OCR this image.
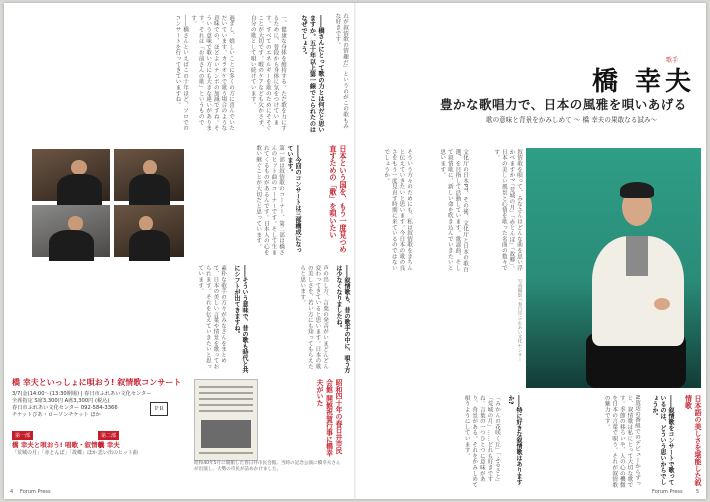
れが叙情歌の情趣だ」というのがこの歌もみな好きです。
――橋さんにとって歌の力とは何だと思いますか。五十年以上第一線でこられたのはなぜでしょう。
一、健康な身体を維持する。ただ歌を力にするために、普段から身体に気をつけています。すべてのエネルギーを歌のためにそそぐことが大切です。喉のケアなども欠かさず、自分の歌として唄い続けています。
過ぎし、嬉しいことに多くの方に喜んでいただいています。カラオケで歌う場合のような意味での、ほどよいテンポの加減ですね。そういう意味で歌い方にも大きな違いがあります。それは「お前さんの歌」というものです。
――橋さんといえばこの十年ほど、ソロでのコンサートを行ってきていますね。
日本という国を、もう一度見つめ直すための「歌」を唄いたい
――今回のコンサートは三部構成になっています。
第一部は叙情歌のコーナー、第二部は橋さんのヒット曲のコーナーです。そして生まれてくるものがあるんです。日本人の心を歌い継ぐことが大切だと思っています。
――叙情歌も、昔の歌手の中に、唄う方は少なくなりましたね。
声の出し方、言葉の発音がいまどんどん変わってきていると思います。日本の歌の美しさを、若い方にも知ってもらえたらと思います。
――そういう意味で、昔の歌も時代と共にシフトが出てきますね。
素朴な歌手の方々がみなさんをまとめて、日本の美しい言葉や情景を歌っておられます。それを伝えていきたいと思っています。
橋 幸夫といっしょに唄おう! 叙情歌コンサート
3/7(金)14:00～(13:30開場) | 春日市ふれあい文化センター
全席指定 S席3,300円 A席3,300円 (税込)
春日市ふれあい文化センター 092-584-3366
チケットぴあ・ローソンチケット ほか
第一部
橋 幸夫と唄おう! 唱歌・叙情歌
「荒城の月」「赤とんぼ」「故郷」ほか
第二部
橋 幸夫
思い出のヒット曲
ＰＲ	昭和四十年の春日井市民会館 開館祝賀行事に橋幸夫がいた
昭和40年5月に開館した春日井市民会館。当時の記念公演に橋幸夫さんが出演し、大勢の市民が詰めかけました。
4 Forum Press
歌手
橋 幸夫
豊かな歌唱力で、日本の風雅を唄いあげる
歌の意味と背景をかみしめて ～ 橋 幸夫の果敢なる試み～
叙情歌を唄って、みなさんはどんな曲を思い浮かべますか?「荒城の月」「赤とんぼ」「故郷」。日本の美しい風景と心情を歌った名曲の数々です。
文化庁の日本PT、その後、文化庁と日本の歌百選、を目指して活動しています。歌謡曲、そして叙情歌に、新しい命を吹き込んでいきたいと思います。
そういう方々のためにも、私は叙情歌をきちんと伝えていきたいと思います。今日本の歌の良さをもう一度見直す時期に来ているのではないでしょうか。
写真撮影 / 春日市ふれあい文化センター
日本語の美しさを堪能した叙情歌
――叙情歌をコンサートで歌っているのは、どういう思いからでしょうか。
N放送の番組でのデビューからずっと、叙情歌は私にとって大切な歌です。季節の移ろいや、人の心の機微を日本の言葉で唄う。それが叙情歌の魅力です。
――特に好きな叙情歌はありますか?
「みかんの花咲く丘」「ふるさと」「荒城の月」……どれも好きですね。言葉の一つひとつに意味があり、背景がある。それをかみしめて唄うようにしています。
Forum Press	5
